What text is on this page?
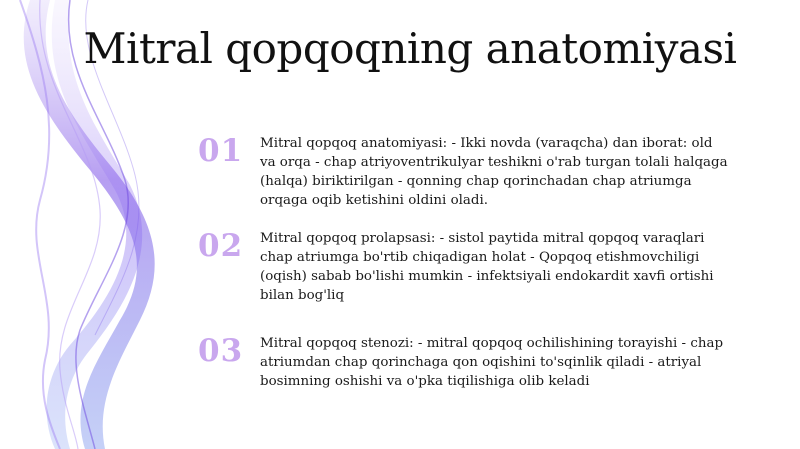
Mitral qopqoqning anatomiyasi
01	Mitral qopqoq anatomiyasi: - Ikki novda (varaqcha) dan iborat: old va orqa - chap atriyoventrikulyar teshikni o'rab turgan tolali halqaga (halqa) biriktirilgan - qonning chap qorinchadan chap atriumga orqaga oqib ketishini oldini oladi.
02	Mitral qopqoq prolapsasi: - sistol paytida mitral qopqoq varaqlari chap atriumga bo'rtib chiqadigan holat - Qopqoq etishmovchiligi (oqish) sabab bo'lishi mumkin - infektsiyali endokardit xavfi ortishi bilan bog'liq
03	Mitral qopqoq stenozi: - mitral qopqoq ochilishining torayishi - chap atriumdan chap qorinchaga qon oqishini to'sqinlik qiladi - atriyal bosimning oshishi va o'pka tiqilishiga olib keladi
